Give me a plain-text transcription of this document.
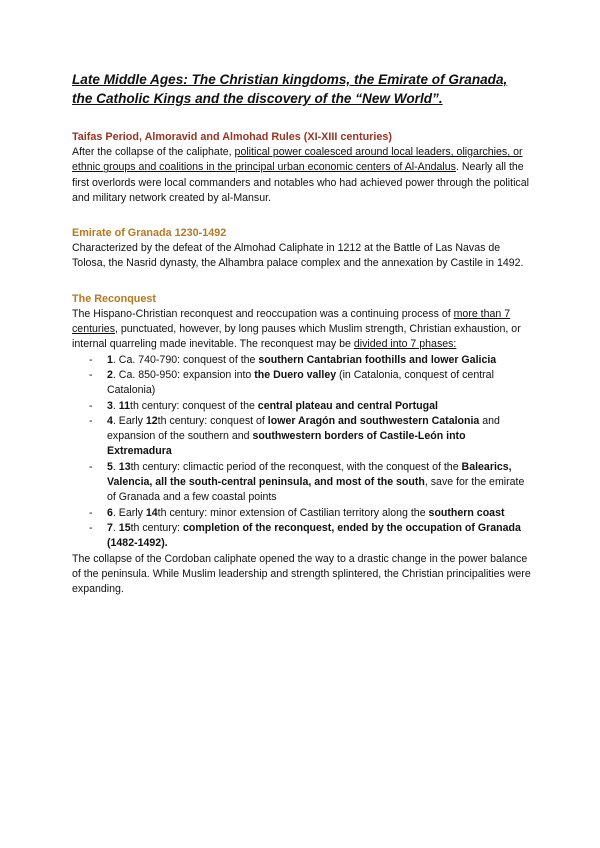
Late Middle Ages: The Christian kingdoms, the Emirate of Granada,
the Catholic Kings and the discovery of the “New World”.
Taifas Period, Almoravid and Almohad Rules (XI-XIII centuries)

After the collapse of the caliphate, political power coalesced around local leaders, oligarchies, or ethnic groups and coalitions in the principal urban economic centers of Al-Andalus. Nearly all the first overlords were local commanders and notables who had achieved power through the political and military network created by al-Mansur.

Emirate of Granada 1230-1492

Characterized by the defeat of the Almohad Caliphate in 1212 at the Battle of Las Navas de Tolosa, the Nasrid dynasty, the Alhambra palace complex and the annexation by Castile in 1492.

The Reconquest

The Hispano-Christian reconquest and reoccupation was a continuing process of more than 7 centuries, punctuated, however, by long pauses which Muslim strength, Christian exhaustion, or internal quarreling made inevitable. The reconquest may be divided into 7 phases:

- 1. Ca. 740-790: conquest of the southern Cantabrian foothills and lower Galicia
- 2. Ca. 850-950: expansion into the Duero valley (in Catalonia, conquest of central Catalonia)
- 3. 11th century: conquest of the central plateau and central Portugal
- 4. Early 12th century: conquest of lower Aragón and southwestern Catalonia and expansion of the southern and southwestern borders of Castile-León into Extremadura
- 5. 13th century: climactic period of the reconquest, with the conquest of the Balearics, Valencia, all the south-central peninsula, and most of the south, save for the emirate of Granada and a few coastal points
- 6. Early 14th century: minor extension of Castilian territory along the southern coast
- 7. 15th century: completion of the reconquest, ended by the occupation of Granada (1482-1492).

The collapse of the Cordoban caliphate opened the way to a drastic change in the power balance of the peninsula. While Muslim leadership and strength splintered, the Christian principalities were expanding.
